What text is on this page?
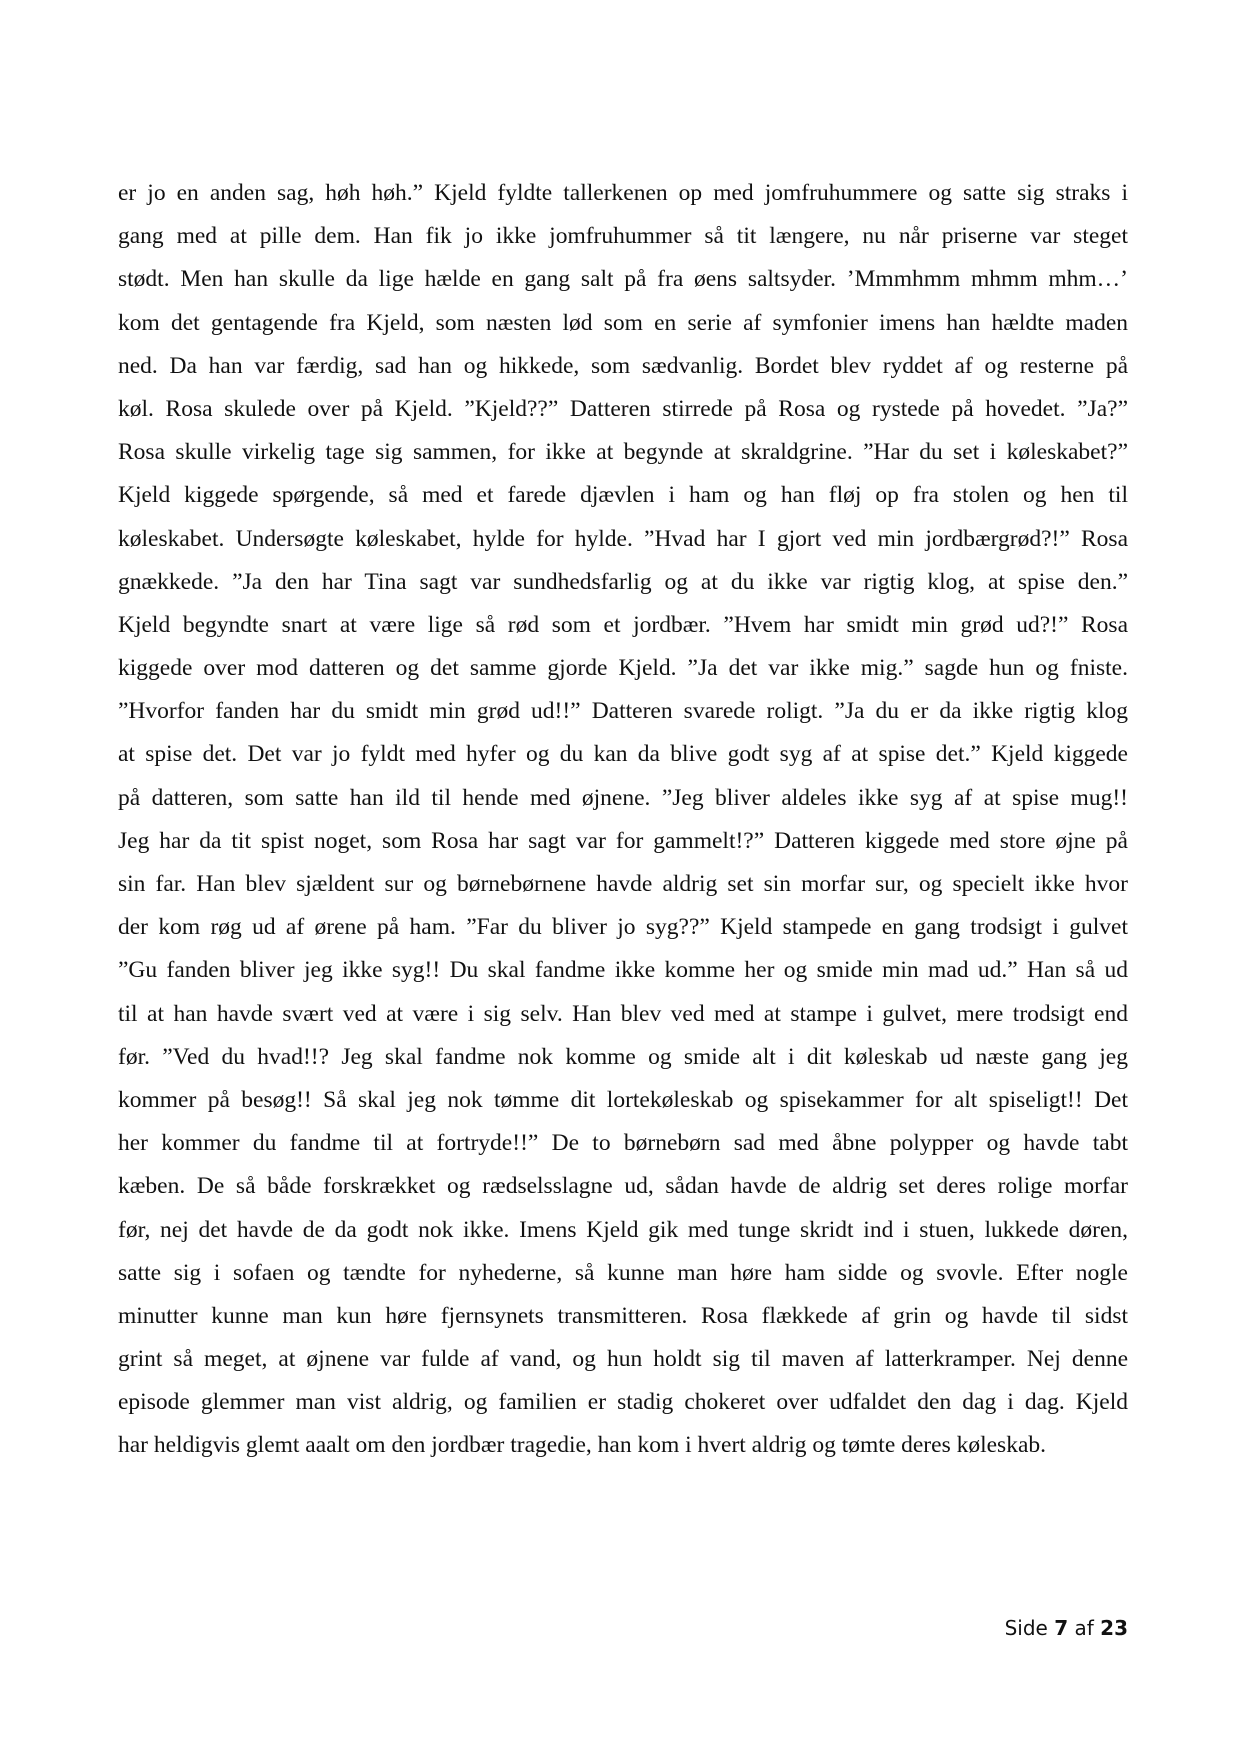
er jo en anden sag, høh høh.” Kjeld fyldte tallerkenen op med jomfruhummere og satte sig straks i
gang med at pille dem. Han fik jo ikke jomfruhummer så tit længere, nu når priserne var steget
stødt. Men han skulle da lige hælde en gang salt på fra øens saltsyder. ’Mmmhmm mhmm mhm…’
kom det gentagende fra Kjeld, som næsten lød som en serie af symfonier imens han hældte maden
ned. Da han var færdig, sad han og hikkede, som sædvanlig. Bordet blev ryddet af og resterne på
køl. Rosa skulede over på Kjeld. ”Kjeld??” Datteren stirrede på Rosa og rystede på hovedet. ”Ja?”
Rosa skulle virkelig tage sig sammen, for ikke at begynde at skraldgrine. ”Har du set i køleskabet?”
Kjeld kiggede spørgende, så med et farede djævlen i ham og han fløj op fra stolen og hen til
køleskabet. Undersøgte køleskabet, hylde for hylde. ”Hvad har I gjort ved min jordbærgrød?!” Rosa
gnækkede. ”Ja den har Tina sagt var sundhedsfarlig og at du ikke var rigtig klog, at spise den.”
Kjeld begyndte snart at være lige så rød som et jordbær. ”Hvem har smidt min grød ud?!” Rosa
kiggede over mod datteren og det samme gjorde Kjeld. ”Ja det var ikke mig.” sagde hun og fniste.
”Hvorfor fanden har du smidt min grød ud!!” Datteren svarede roligt. ”Ja du er da ikke rigtig klog
at spise det. Det var jo fyldt med hyfer og du kan da blive godt syg af at spise det.” Kjeld kiggede
på datteren, som satte han ild til hende med øjnene. ”Jeg bliver aldeles ikke syg af at spise mug!!
Jeg har da tit spist noget, som Rosa har sagt var for gammelt!?” Datteren kiggede med store øjne på
sin far. Han blev sjældent sur og børnebørnene havde aldrig set sin morfar sur, og specielt ikke hvor
der kom røg ud af ørene på ham. ”Far du bliver jo syg??” Kjeld stampede en gang trodsigt i gulvet
”Gu fanden bliver jeg ikke syg!! Du skal fandme ikke komme her og smide min mad ud.” Han så ud
til at han havde svært ved at være i sig selv. Han blev ved med at stampe i gulvet, mere trodsigt end
før. ”Ved du hvad!!? Jeg skal fandme nok komme og smide alt i dit køleskab ud næste gang jeg
kommer på besøg!! Så skal jeg nok tømme dit lortekøleskab og spisekammer for alt spiseligt!! Det
her kommer du fandme til at fortryde!!” De to børnebørn sad med åbne polypper og havde tabt
kæben. De så både forskrækket og rædselsslagne ud, sådan havde de aldrig set deres rolige morfar
før, nej det havde de da godt nok ikke. Imens Kjeld gik med tunge skridt ind i stuen, lukkede døren,
satte sig i sofaen og tændte for nyhederne, så kunne man høre ham sidde og svovle. Efter nogle
minutter kunne man kun høre fjernsynets transmitteren. Rosa flækkede af grin og havde til sidst
grint så meget, at øjnene var fulde af vand, og hun holdt sig til maven af latterkramper. Nej denne
episode glemmer man vist aldrig, og familien er stadig chokeret over udfaldet den dag i dag. Kjeld
har heldigvis glemt aaalt om den jordbær tragedie, han kom i hvert aldrig og tømte deres køleskab.
Side 7 af 23
